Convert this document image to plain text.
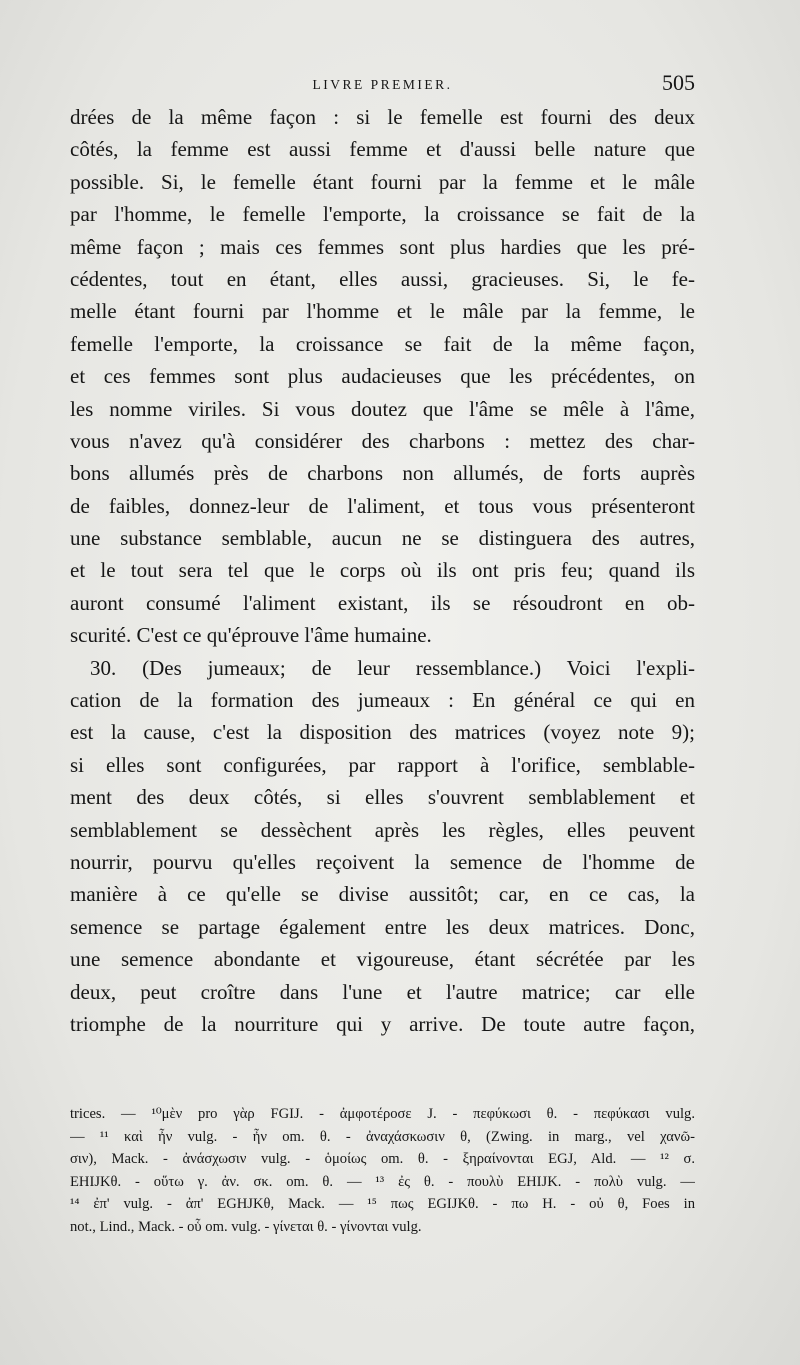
LIVRE PREMIER.	505
drées de la même façon : si le femelle est fourni des deux
côtés, la femme est aussi femme et d'aussi belle nature que
possible. Si, le femelle étant fourni par la femme et le mâle
par l'homme, le femelle l'emporte, la croissance se fait de la
même façon ; mais ces femmes sont plus hardies que les pré-
cédentes, tout en étant, elles aussi, gracieuses. Si, le fe-
melle étant fourni par l'homme et le mâle par la femme, le
femelle l'emporte, la croissance se fait de la même façon,
et ces femmes sont plus audacieuses que les précédentes, on
les nomme viriles. Si vous doutez que l'âme se mêle à l'âme,
vous n'avez qu'à considérer des charbons : mettez des char-
bons allumés près de charbons non allumés, de forts auprès
de faibles, donnez-leur de l'aliment, et tous vous présenteront
une substance semblable, aucun ne se distinguera des autres,
et le tout sera tel que le corps où ils ont pris feu; quand ils
auront consumé l'aliment existant, ils se résoudront en ob-
scurité. C'est ce qu'éprouve l'âme humaine.
30. (Des jumeaux; de leur ressemblance.) Voici l'expli-
cation de la formation des jumeaux : En général ce qui en
est la cause, c'est la disposition des matrices (voyez note 9);
si elles sont configurées, par rapport à l'orifice, semblable-
ment des deux côtés, si elles s'ouvrent semblablement et
semblablement se dessèchent après les règles, elles peuvent
nourrir, pourvu qu'elles reçoivent la semence de l'homme de
manière à ce qu'elle se divise aussitôt; car, en ce cas, la
semence se partage également entre les deux matrices. Donc,
une semence abondante et vigoureuse, étant sécrétée par les
deux, peut croître dans l'une et l'autre matrice; car elle
triomphe de la nourriture qui y arrive. De toute autre façon,
trices. — ¹⁰μὲν pro γὰρ FGIJ. - ἀμφοτέροσε J. - πεφύκωσι θ. - πεφύκασι vulg.
— ¹¹ καὶ ἦν vulg. - ἦν om. θ. - ἀναχάσκωσιν θ, (Zwing. in marg., vel χανῶ-
σιν), Mack. - ἀνάσχωσιν vulg. - ὁμοίως om. θ. - ξηραίνονται EGJ, Ald. — ¹² σ.
EHIJKθ. - οὕτω γ. ἀν. σκ. om. θ. — ¹³ ἐς θ. - πουλὺ EHIJK. - πολὺ vulg. —
¹⁴ ἐπ' vulg. - ἀπ' EGHJKθ, Mack. — ¹⁵ πως EGIJKθ. - πω H. - οὐ θ, Foes in
not., Lind., Mack. - οὗ om. vulg. - γίνεται θ. - γίνονται vulg.
